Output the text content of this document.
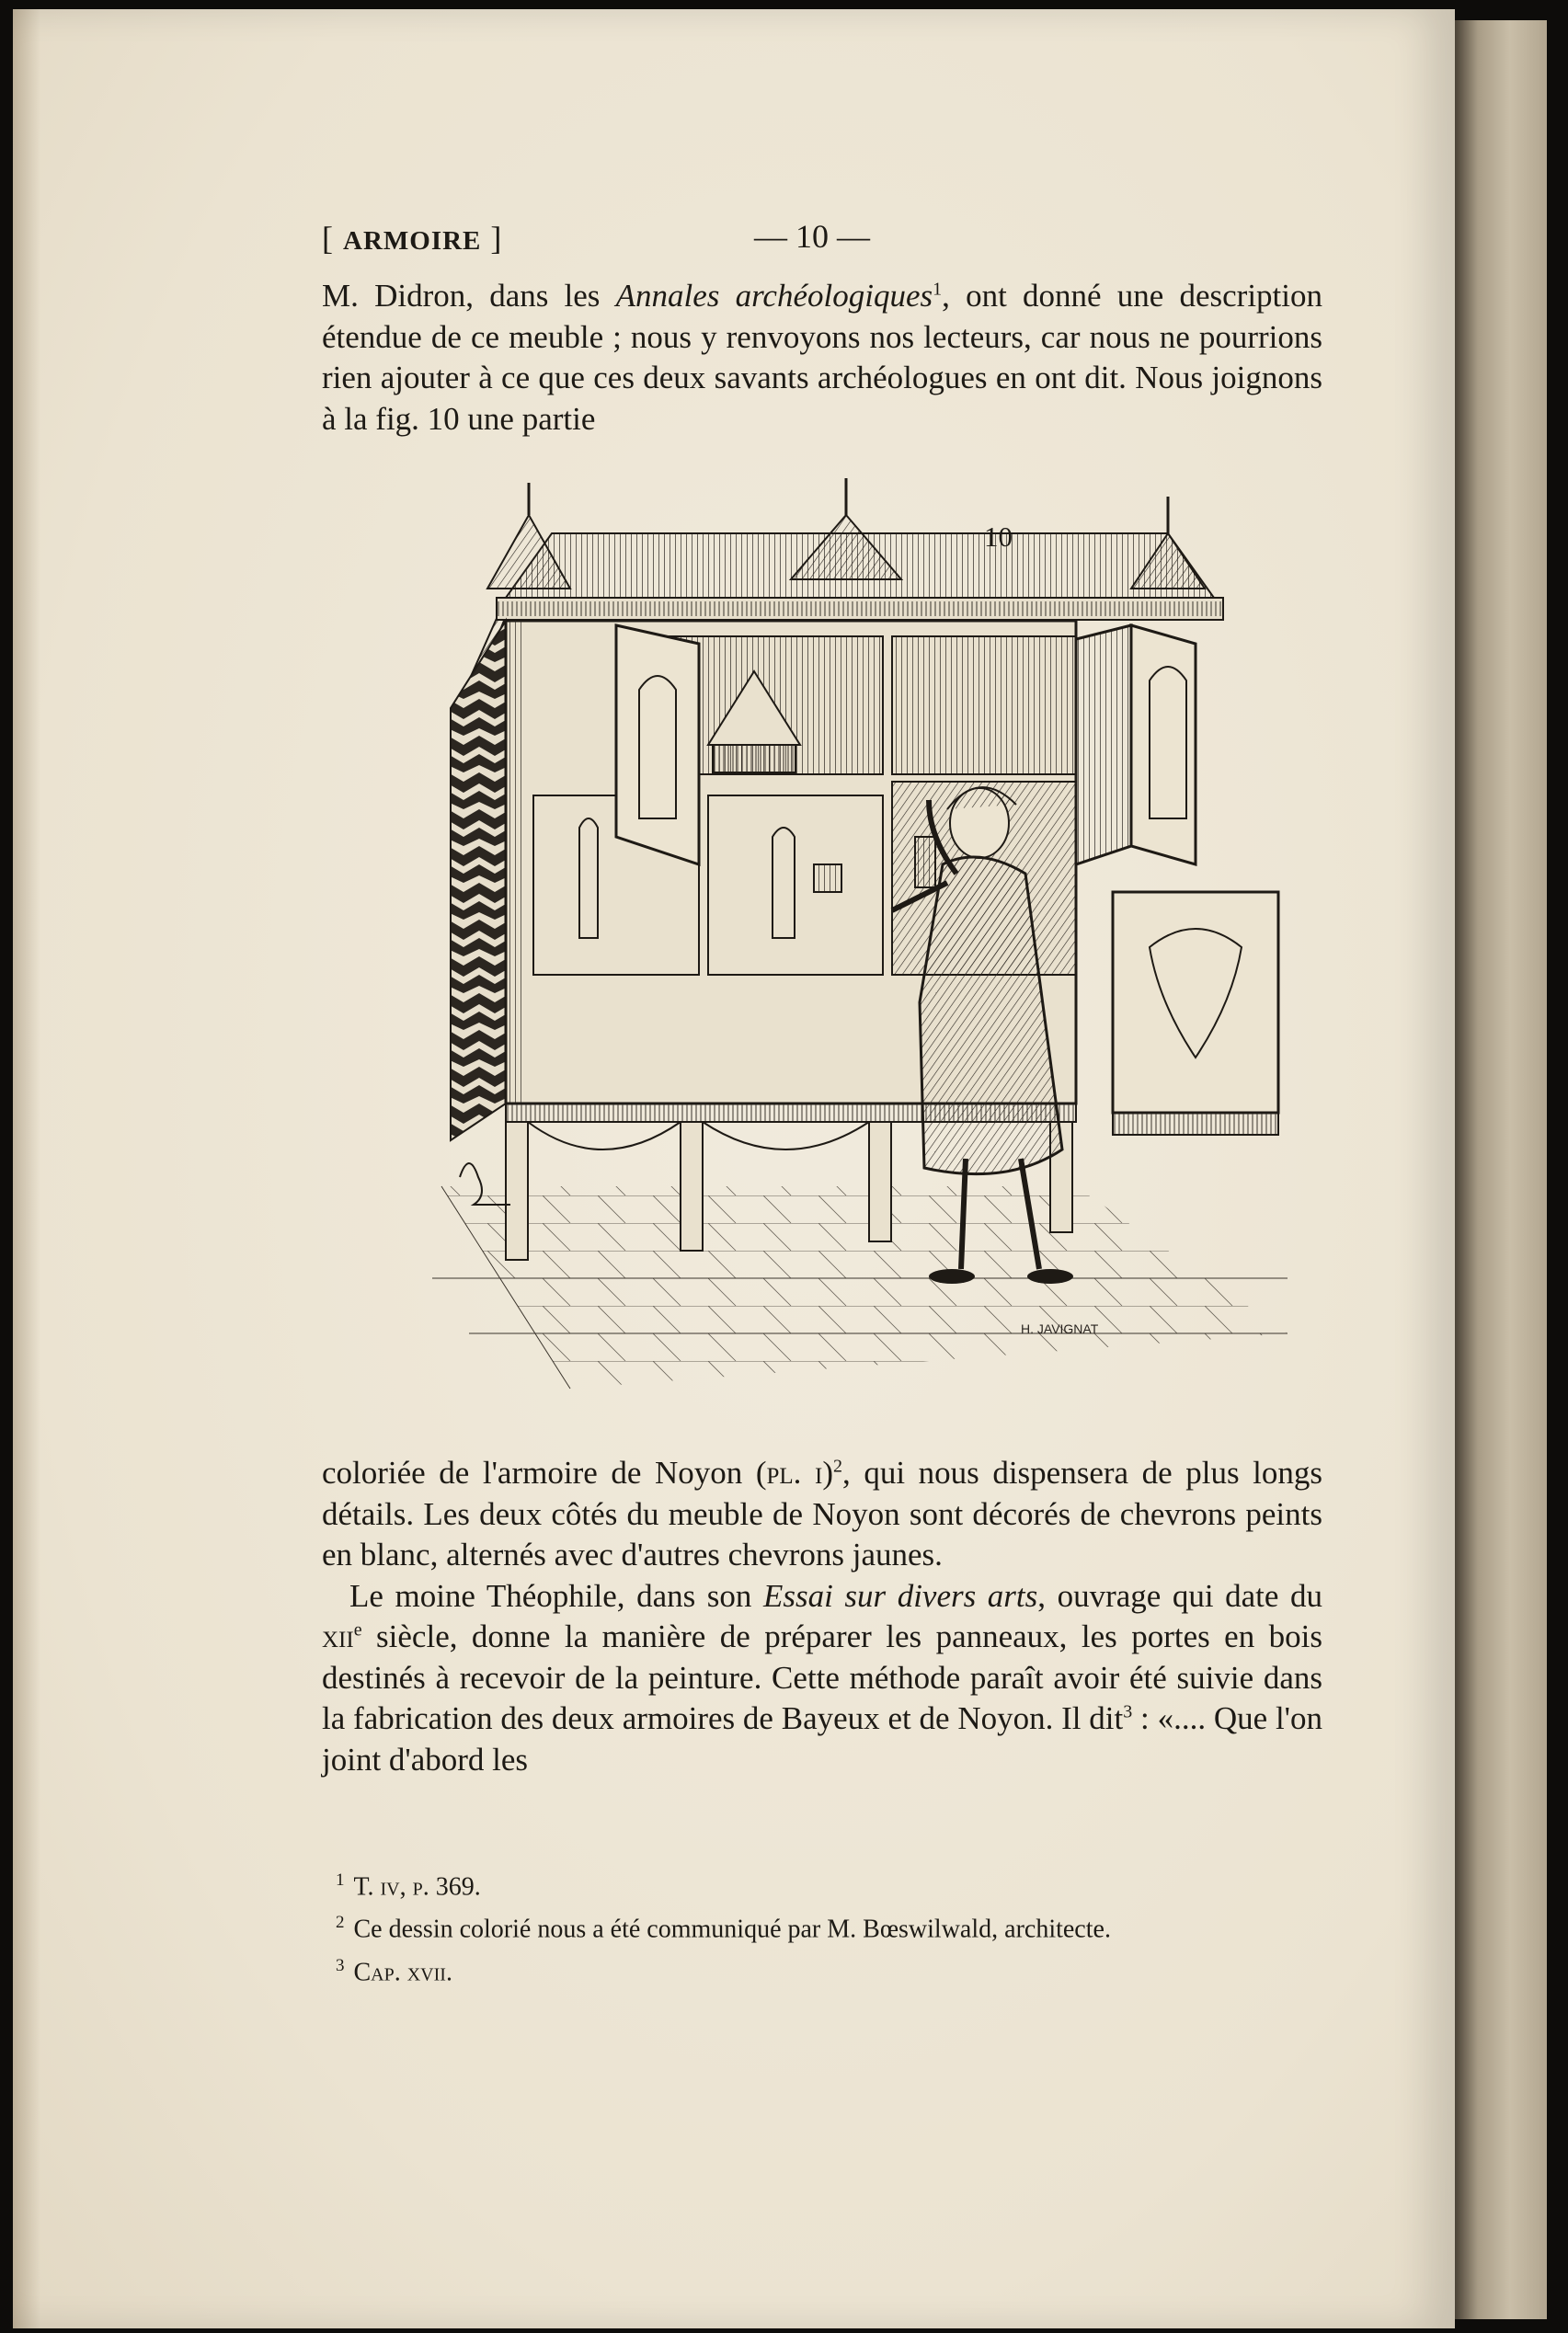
[ ARMOIRE ]	— 10 —
M. Didron, dans les Annales archéologiques$^1$, ont donné une description étendue de ce meuble ; nous y renvoyons nos lecteurs, car nous ne pourrions rien ajouter à ce que ces deux savants archéologues en ont dit. Nous joignons à la fig. 10 une partie
H. JAVIGNAT
coloriée de l'armoire de Noyon (pl. i)$^2$, qui nous dispensera de plus longs détails. Les deux côtés du meuble de Noyon sont décorés de chevrons peints en blanc, alternés avec d'autres chevrons jaunes.
Le moine Théophile, dans son Essai sur divers arts, ouvrage qui date du xii$^e$ siècle, donne la manière de préparer les panneaux, les portes en bois destinés à recevoir de la peinture. Cette méthode paraît avoir été suivie dans la fabrication des deux armoires de Bayeux et de Noyon. Il dit$^3$ : «.... Que l'on joint d'abord les
$^1$ T. iv, p. 369.
$^2$ Ce dessin colorié nous a été communiqué par M. Bœswilwald, architecte.
$^3$ Cap. xvii.
